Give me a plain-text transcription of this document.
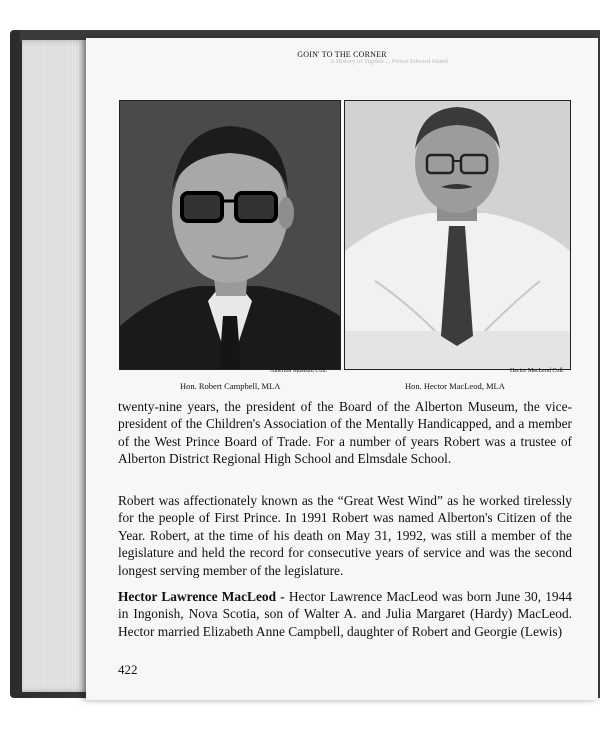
GOIN' TO THE CORNER
A History of Tignish ... Prince Edward Island
Alberton Museum Coll.	Hector MacLeod Coll.
Hon. Robert Campbell, MLA	Hon. Hector MacLeod, MLA

twenty-nine years, the president of the Board of the Alberton Museum, the vice-president of the Children's Association of the Mentally Handicapped, and a member of the West Prince Board of Trade. For a number of years Robert was a trustee of Alberton District Regional High School and Elmsdale School.

Robert was affectionately known as the “Great West Wind” as he worked tirelessly for the people of First Prince. In 1991 Robert was named Alberton's Citizen of the Year. Robert, at the time of his death on May 31, 1992, was still a member of the legislature and held the record for consecutive years of service and was the second longest serving member of the legislature.

Hector Lawrence MacLeod - Hector Lawrence MacLeod was born June 30, 1944 in Ingonish, Nova Scotia, son of Walter A. and Julia Margaret (Hardy) MacLeod. Hector married Elizabeth Anne Campbell, daughter of Robert and Georgie (Lewis)

422
